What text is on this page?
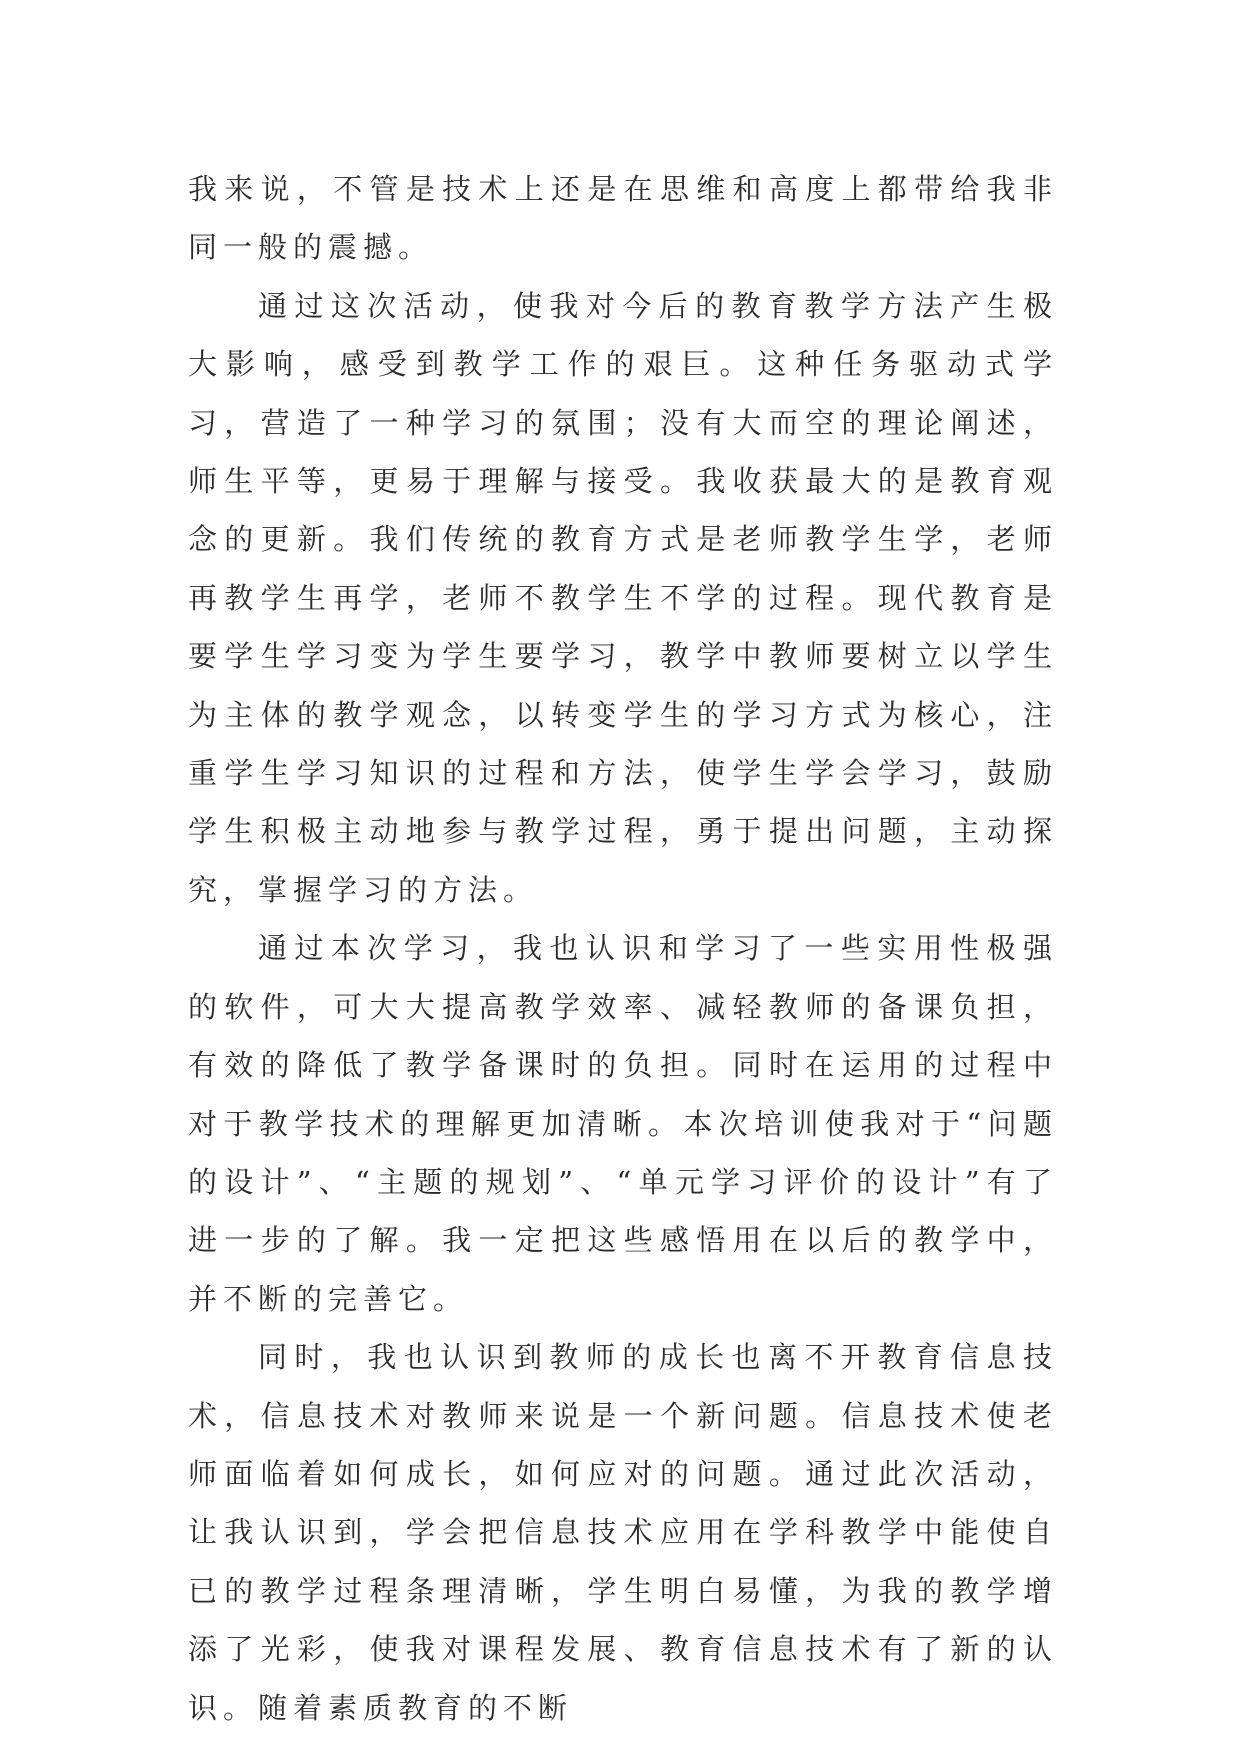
我来说，不管是技术上还是在思维和高度上都带给我非同一般的震撼。

通过这次活动，使我对今后的教育教学方法产生极大影响，感受到教学工作的艰巨。这种任务驱动式学习，营造了一种学习的氛围；没有大而空的理论阐述，师生平等，更易于理解与接受。我收获最大的是教育观念的更新。我们传统的教育方式是老师教学生学，老师再教学生再学，老师不教学生不学的过程。现代教育是要学生学习变为学生要学习，教学中教师要树立以学生为主体的教学观念，以转变学生的学习方式为核心，注重学生学习知识的过程和方法，使学生学会学习，鼓励学生积极主动地参与教学过程，勇于提出问题，主动探究，掌握学习的方法。

通过本次学习，我也认识和学习了一些实用性极强的软件，可大大提高教学效率、减轻教师的备课负担，有效的降低了教学备课时的负担。同时在运用的过程中对于教学技术的理解更加清晰。本次培训使我对于“问题的设计”、“主题的规划”、“单元学习评价的设计”有了进一步的了解。我一定把这些感悟用在以后的教学中，并不断的完善它。

同时，我也认识到教师的成长也离不开教育信息技术，信息技术对教师来说是一个新问题。信息技术使老师面临着如何成长，如何应对的问题。通过此次活动，让我认识到，学会把信息技术应用在学科教学中能使自已的教学过程条理清晰，学生明白易懂，为我的教学增添了光彩，使我对课程发展、教育信息技术有了新的认识。随着素质教育的不断
